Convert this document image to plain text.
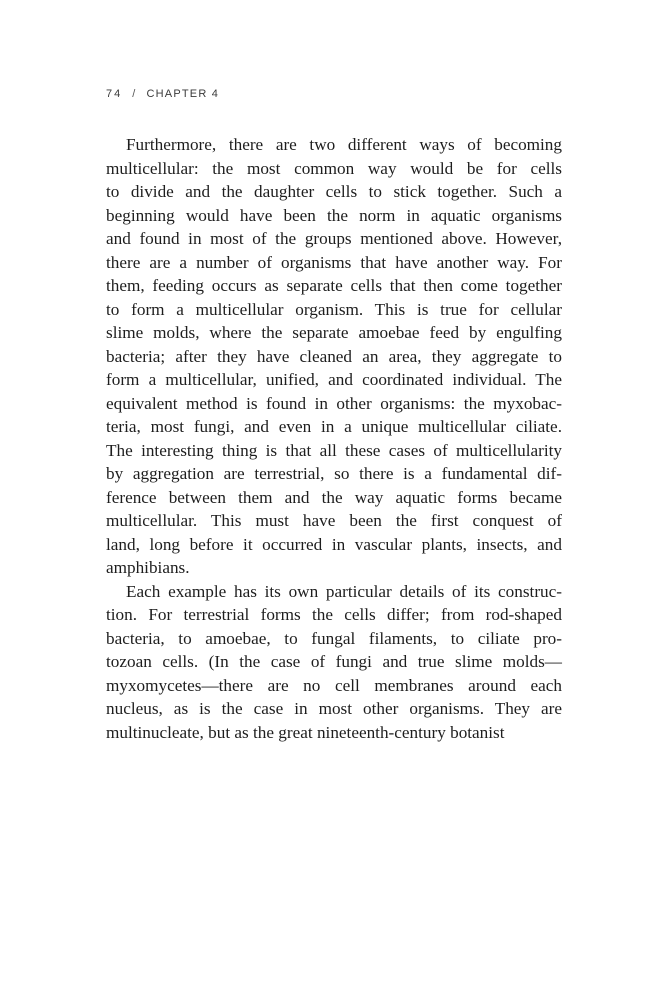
74 / CHAPTER 4
Furthermore, there are two different ways of becoming
multicellular: the most common way would be for cells
to divide and the daughter cells to stick together. Such a
beginning would have been the norm in aquatic organisms
and found in most of the groups mentioned above. However,
there are a number of organisms that have another way. For
them, feeding occurs as separate cells that then come together
to form a multicellular organism. This is true for cellular
slime molds, where the separate amoebae feed by engulfing
bacteria; after they have cleaned an area, they aggregate to
form a multicellular, unified, and coordinated individual. The
equivalent method is found in other organisms: the myxobac-
teria, most fungi, and even in a unique multicellular ciliate.
The interesting thing is that all these cases of multicellularity
by aggregation are terrestrial, so there is a fundamental dif-
ference between them and the way aquatic forms became
multicellular. This must have been the first conquest of
land, long before it occurred in vascular plants, insects, and
amphibians.
Each example has its own particular details of its construc-
tion. For terrestrial forms the cells differ; from rod-shaped
bacteria, to amoebae, to fungal filaments, to ciliate pro-
tozoan cells. (In the case of fungi and true slime molds—
myxomycetes—there are no cell membranes around each
nucleus, as is the case in most other organisms. They are
multinucleate, but as the great nineteenth-century botanist
